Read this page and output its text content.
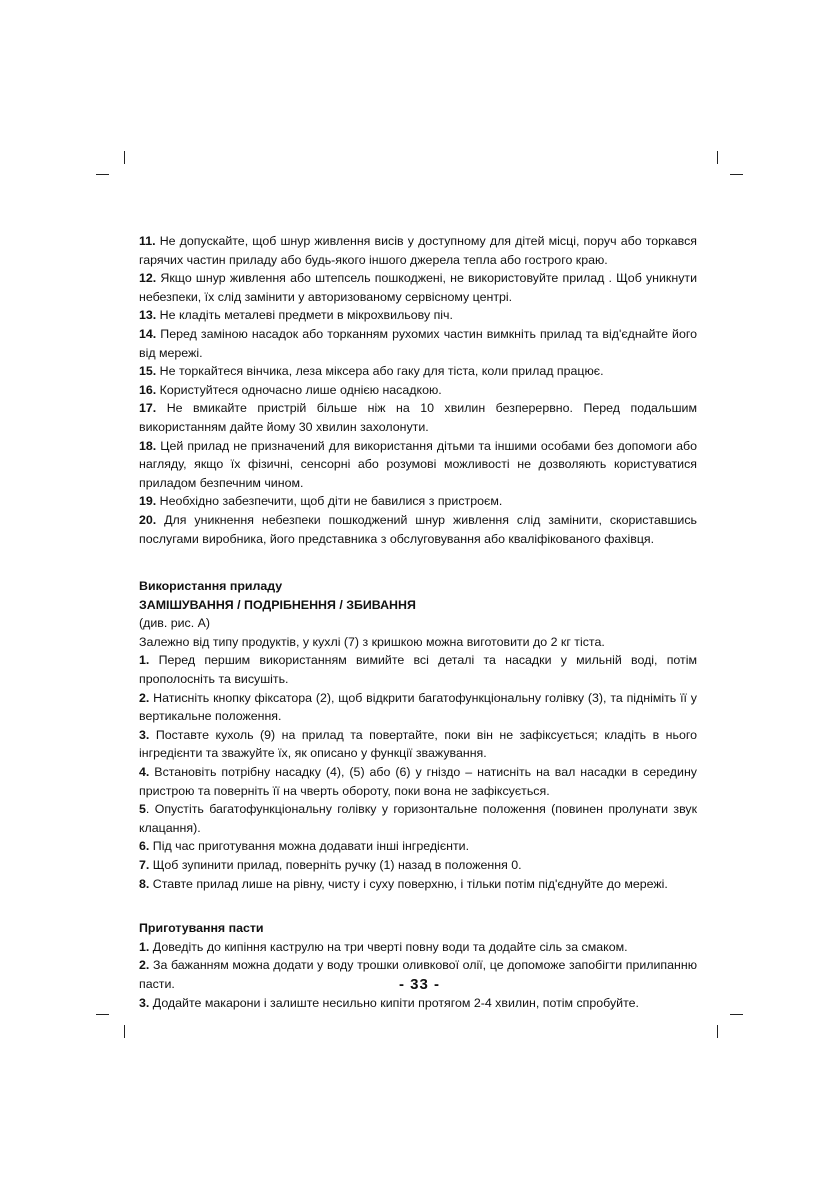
11. Не допускайте, щоб шнур живлення висів у доступному для дітей місці, поруч або торкався гарячих частин приладу або будь-якого іншого джерела тепла або гострого краю.

12. Якщо шнур живлення або штепсель пошкоджені, не використовуйте прилад . Щоб уникнути небезпеки, їх слід замінити у авторизованому сервісному центрі.

13. Не кладіть металеві предмети в мікрохвильову піч.

14. Перед заміною насадок або торканням рухомих частин вимкніть прилад та від'єднайте його від мережі.

15. Не торкайтеся вінчика, леза міксера або гаку для тіста, коли прилад працює.

16. Користуйтеся одночасно лише однією насадкою.

17. Не вмикайте пристрій більше ніж на 10 хвилин безперервно. Перед подальшим використанням дайте йому 30 хвилин захолонути.

18. Цей прилад не призначений для використання дітьми та іншими особами без допомоги або нагляду, якщо їх фізичні, сенсорні або розумові можливості не дозволяють користуватися приладом безпечним чином.

19. Необхідно забезпечити, щоб діти не бавилися з пристроєм.

20. Для уникнення небезпеки пошкоджений шнур живлення слід замінити, скориставшись послугами виробника, його представника з обслуговування або кваліфікованого фахівця.

Використання приладу

ЗАМІШУВАННЯ / ПОДРІБНЕННЯ / ЗБИВАННЯ

(див. рис. А)

Залежно від типу продуктів, у кухлі (7) з кришкою можна виготовити до 2 кг тіста.

1. Перед першим використанням вимийте всі деталі та насадки у мильній воді, потім прополосніть та висушіть.

2. Натисніть кнопку фіксатора (2), щоб відкрити багатофункціональну голівку (3), та підніміть її у вертикальне положення.

3. Поставте кухоль (9) на прилад та повертайте, поки він не зафіксується; кладіть в нього інгредієнти та зважуйте їх, як описано у функції зважування.

4. Встановіть потрібну насадку (4), (5) або (6) у гніздо – натисніть на вал насадки в середину пристрою та поверніть її на чверть обороту, поки вона не зафіксується.

5. Опустіть багатофункціональну голівку у горизонтальне положення (повинен пролунати звук клацання).

6. Під час приготування можна додавати інші інгредієнти.

7. Щоб зупинити прилад, поверніть ручку (1) назад в положення 0.

8. Ставте прилад лише на рівну, чисту і суху поверхню, і тільки потім під'єднуйте до мережі.

Приготування пасти

1. Доведіть до кипіння каструлю на три чверті повну води та додайте сіль за смаком.

2. За бажанням можна додати у воду трошки оливкової олії, це допоможе запобігти прилипанню пасти.

3. Додайте макарони і залиште несильно кипіти протягом 2-4 хвилин, потім спробуйте.

- 33 -
